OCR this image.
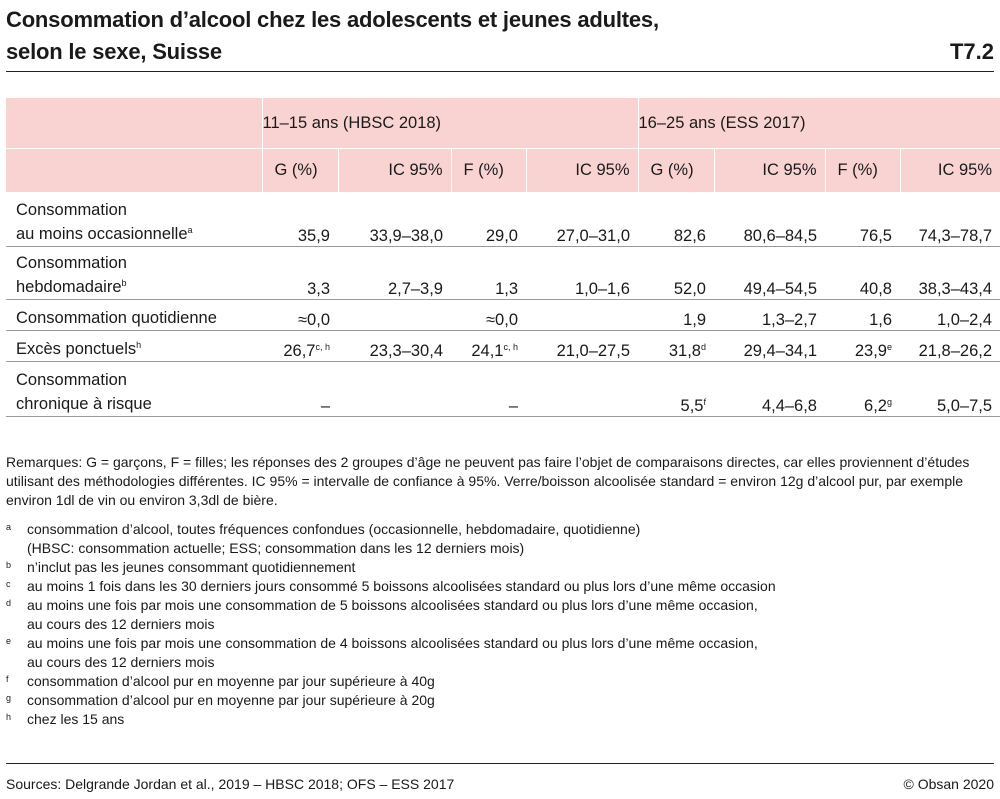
Consommation d’alcool chez les adolescents et jeunes adultes,
selon le sexe, Suisse	T7.2
	11–15 ans (HBSC 2018)				16–25 ans (ESS 2017)			
	G (%)	IC 95%	F (%)	IC 95%	G (%)	IC 95%	F (%)	IC 95%
Consommation
au moins occasionnelle$^a$	35,9	33,9–38,0	29,0	27,0–31,0	82,6	80,6–84,5	76,5	74,3–78,7
Consommation
hebdomadaire$^b$	3,3	2,7–3,9	1,3	1,0–1,6	52,0	49,4–54,5	40,8	38,3–43,4
Consommation quotidienne	≈0,0		≈0,0		1,9	1,3–2,7	1,6	1,0–2,4
Excès ponctuels$^h$	26,7$^{c, h}$	23,3–30,4	24,1$^{c, h}$	21,0–27,5	31,8$^d$	29,4–34,1	23,9e	21,8–26,2
Consommation
chronique à risque	–		–		5,5$^f$	4,4–6,8	6,2$^g$	5,0–7,5
Remarques: G = garçons, F = filles; les réponses des 2 groupes d’âge ne peuvent pas faire l’objet de comparaisons directes, car elles proviennent d’études utilisant des méthodologies différentes. IC 95% = intervalle de confiance à 95%. Verre/boisson alcoolisée standard = environ 12g d’alcool pur, par exemple environ 1dl de vin ou environ 3,3dl de bière.
a	consommation d’alcool, toutes fréquences confondues (occasionnelle, hebdomadaire, quotidienne)
(HBSC: consommation actuelle; ESS; consommation dans les 12 derniers mois)
b	n’inclut pas les jeunes consommant quotidiennement
c	au moins 1 fois dans les 30 derniers jours consommé 5 boissons alcoolisées standard ou plus lors d’une même occasion
d	au moins une fois par mois une consommation de 5 boissons alcoolisées standard ou plus lors d’une même occasion,
au cours des 12 derniers mois
e	au moins une fois par mois une consommation de 4 boissons alcoolisées standard ou plus lors d’une même occasion,
au cours des 12 derniers mois
f	consommation d’alcool pur en moyenne par jour supérieure à 40g
g	consommation d’alcool pur en moyenne par jour supérieure à 20g
h	chez les 15 ans
Sources: Delgrande Jordan et al., 2019 – HBSC 2018; OFS – ESS 2017	© Obsan 2020
